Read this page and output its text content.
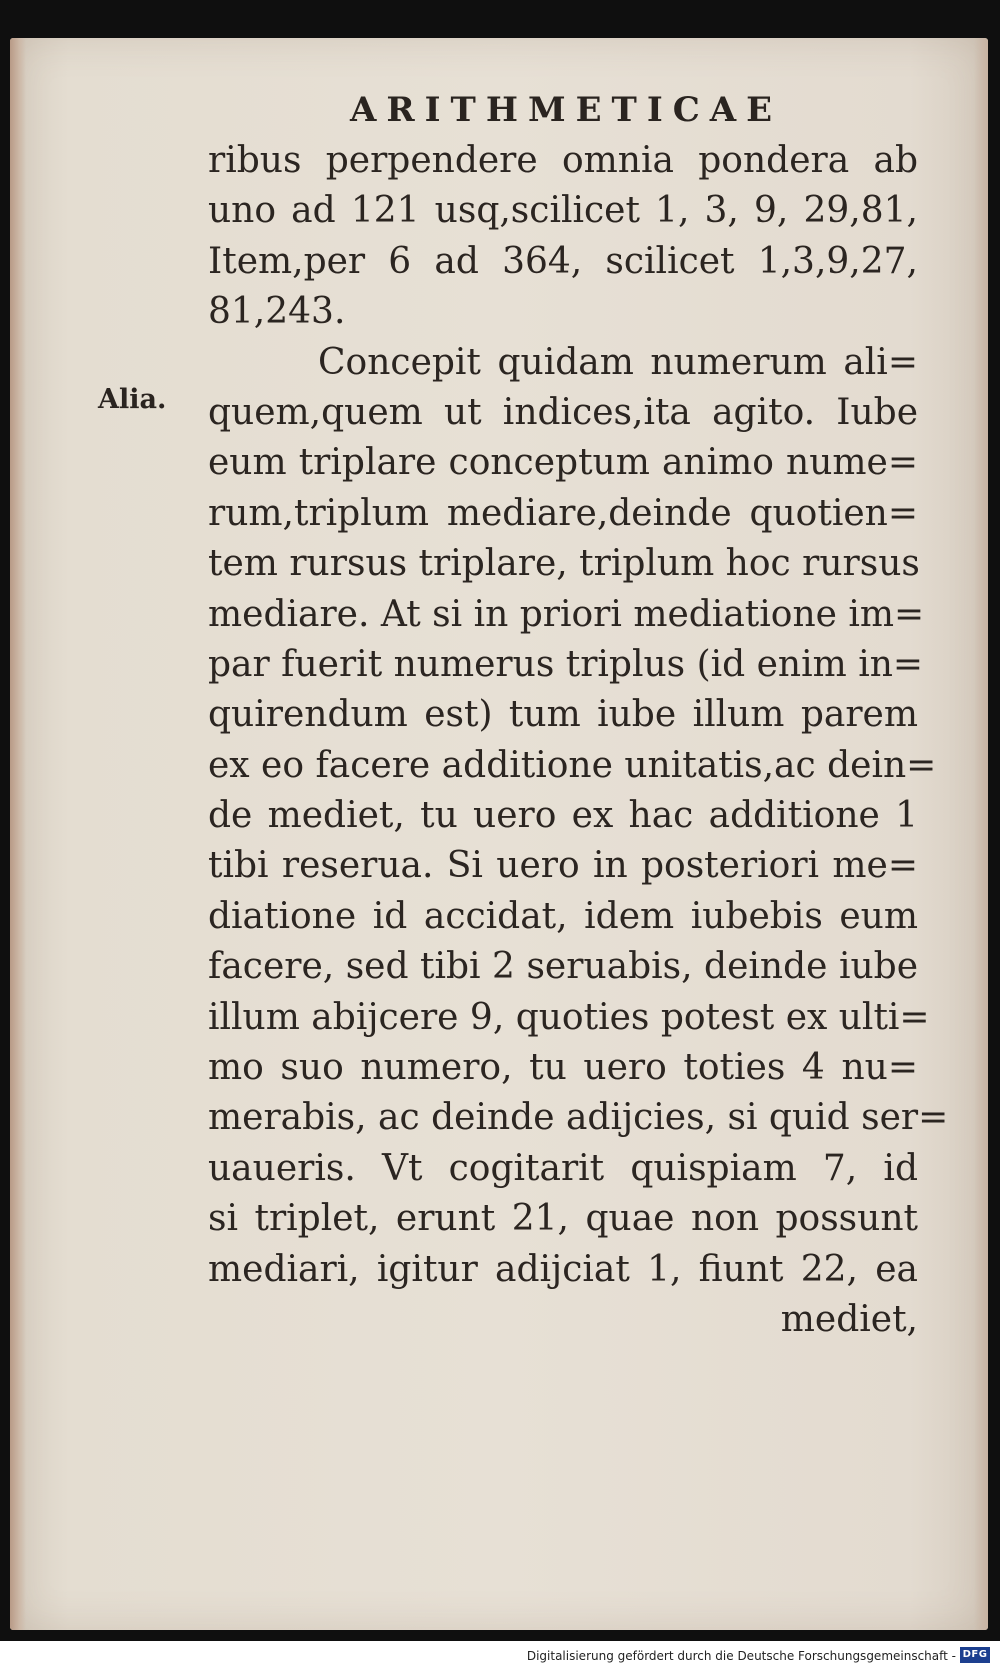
ARITHMETICAE
Alia.
ribus perpendere omnia pondera ab
uno ad 121 usq,scilicet 1, 3, 9, 29,81,
Item,per 6 ad 364, scilicet 1,3,9,27,
81,243.
Concepit quidam numerum ali=
quem,quem ut indices,ita agito. Iube
eum triplare conceptum animo nume=
rum,triplum mediare,deinde quotien=
tem rursus triplare, triplum hoc rursus
mediare. At si in priori mediatione im=
par fuerit numerus triplus (id enim in=
quirendum est) tum iube illum parem
ex eo facere additione unitatis,ac dein=
de mediet, tu uero ex hac additione 1
tibi reserua. Si uero in posteriori me=
diatione id accidat, idem iubebis eum
facere, sed tibi 2 seruabis, deinde iube
illum abijcere 9, quoties potest ex ulti=
mo suo numero, tu uero toties 4 nu=
merabis, ac deinde adijcies, si quid ser=
uaueris. Vt cogitarit quispiam 7, id
si triplet, erunt 21, quae non possunt
mediari, igitur adijciat 1, fiunt 22, ea
mediet,
Digitalisierung gefördert durch die Deutsche Forschungsgemeinschaft - DFG
